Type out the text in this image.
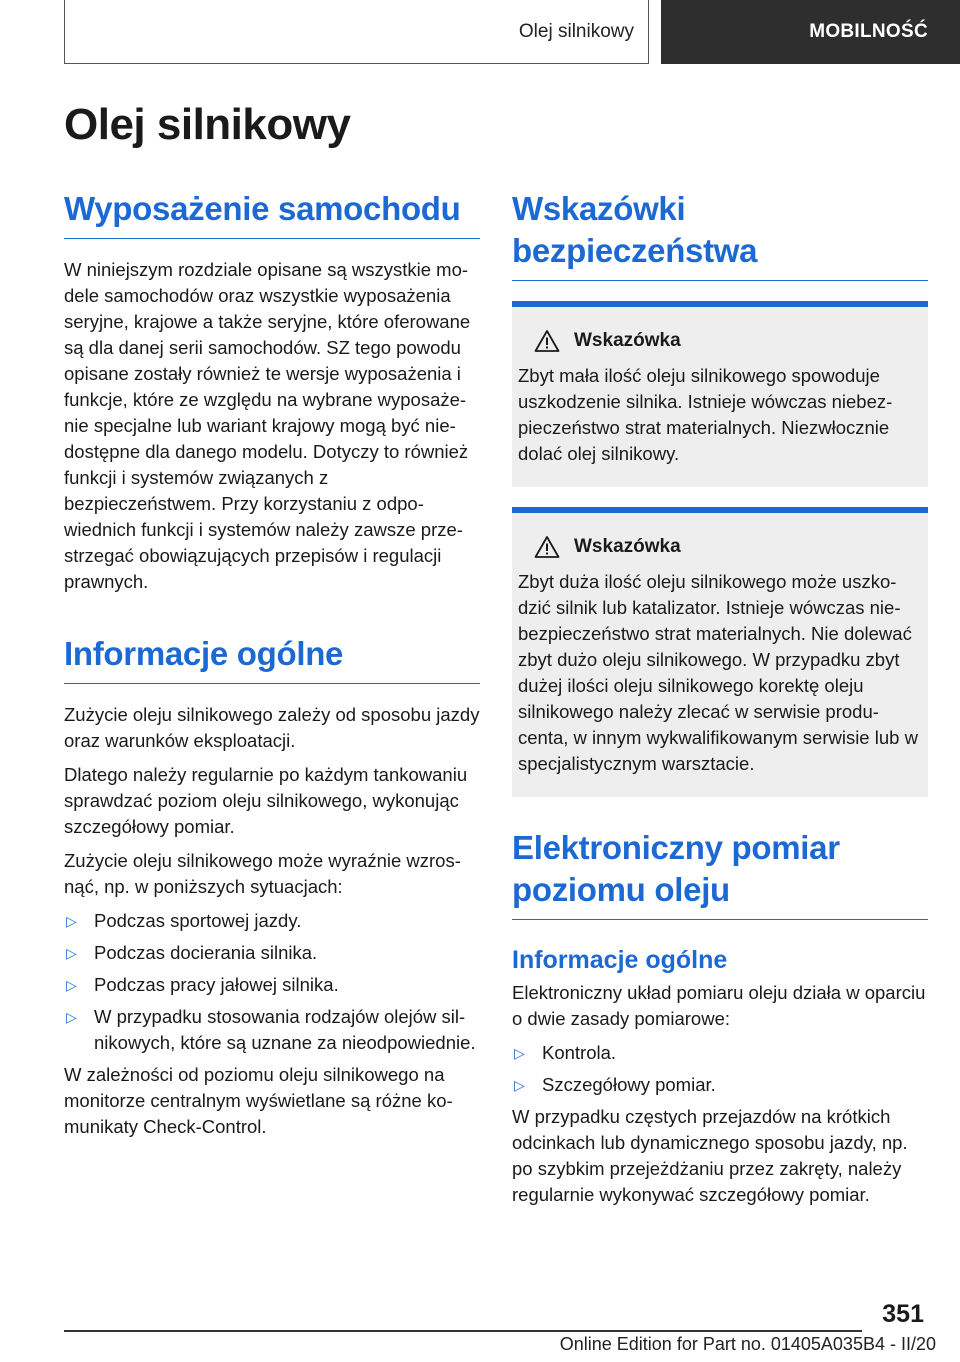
Olej silnikowy	MOBILNOŚĆ
Olej silnikowy
Wyposażenie samochodu

W niniejszym rozdziale opisane są wszystkie modele samochodów oraz wszystkie wyposażenia seryjne, krajowe a także seryjne, które oferowane są dla danej serii samochodów. SZ tego powodu opisane zostały również te wersje wyposażenia i funkcje, które ze względu na wybrane wyposażenie specjalne lub wariant krajowy mogą być niedostępne dla danego modelu. Dotyczy to również funkcji i systemów związanych z bezpieczeństwem. Przy korzystaniu z odpowiednich funkcji i systemów należy zawsze przestrzegać obowiązujących przepisów i regulacji prawnych.

Informacje ogólne

Zużycie oleju silnikowego zależy od sposobu jazdy oraz warunków eksploatacji.

Dlatego należy regularnie po każdym tankowaniu sprawdzać poziom oleju silnikowego, wykonując szczegółowy pomiar.

Zużycie oleju silnikowego może wyraźnie wzrosnąć, np. w poniższych sytuacjach:

▷ Podczas sportowej jazdy.
▷ Podczas docierania silnika.
▷ Podczas pracy jałowej silnika.
▷ W przypadku stosowania rodzajów olejów silnikowych, które są uznane za nieodpowiednie.

W zależności od poziomu oleju silnikowego na monitorze centralnym wyświetlane są różne komunikaty Check-Control.

Wskazówki bezpieczeństwa
Wskazówka

Zbyt mała ilość oleju silnikowego spowoduje uszkodzenie silnika. Istnieje wówczas niebezpieczeństwo strat materialnych. Niezwłocznie dolać olej silnikowy.

Wskazówka

Zbyt duża ilość oleju silnikowego może uszkodzić silnik lub katalizator. Istnieje wówczas niebezpieczeństwo strat materialnych. Nie dolewać zbyt dużo oleju silnikowego. W przypadku zbyt dużej ilości oleju silnikowego korektę oleju silnikowego należy zlecać w serwisie producenta, w innym wykwalifikowanym serwisie lub w specjalistycznym warsztacie.

Elektroniczny pomiar poziomu oleju
Informacje ogólne

Elektroniczny układ pomiaru oleju działa w oparciu o dwie zasady pomiarowe:

▷ Kontrola.
▷ Szczegółowy pomiar.

W przypadku częstych przejazdów na krótkich odcinkach lub dynamicznego sposobu jazdy, np. po szybkim przejeżdżaniu przez zakręty, należy regularnie wykonywać szczegółowy pomiar.

351
Online Edition for Part no. 01405A035B4 - II/20
